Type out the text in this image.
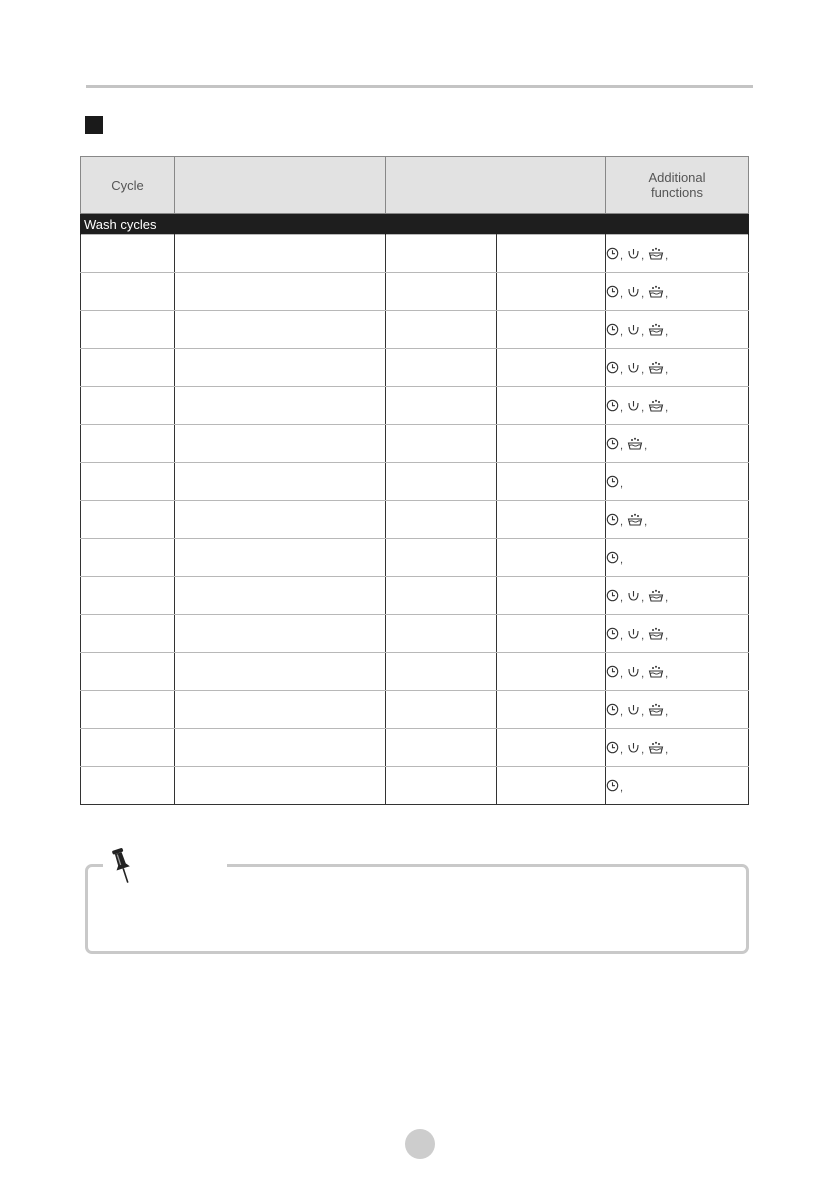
Cycle				Additional
functions
Wash cycles				

				, , ,

				, , ,

				, , ,

				, , ,

				, , ,

				, ,

				,

				, ,

				,

				, , ,

				, , ,

				, , ,

				, , ,

				, , ,

				,
